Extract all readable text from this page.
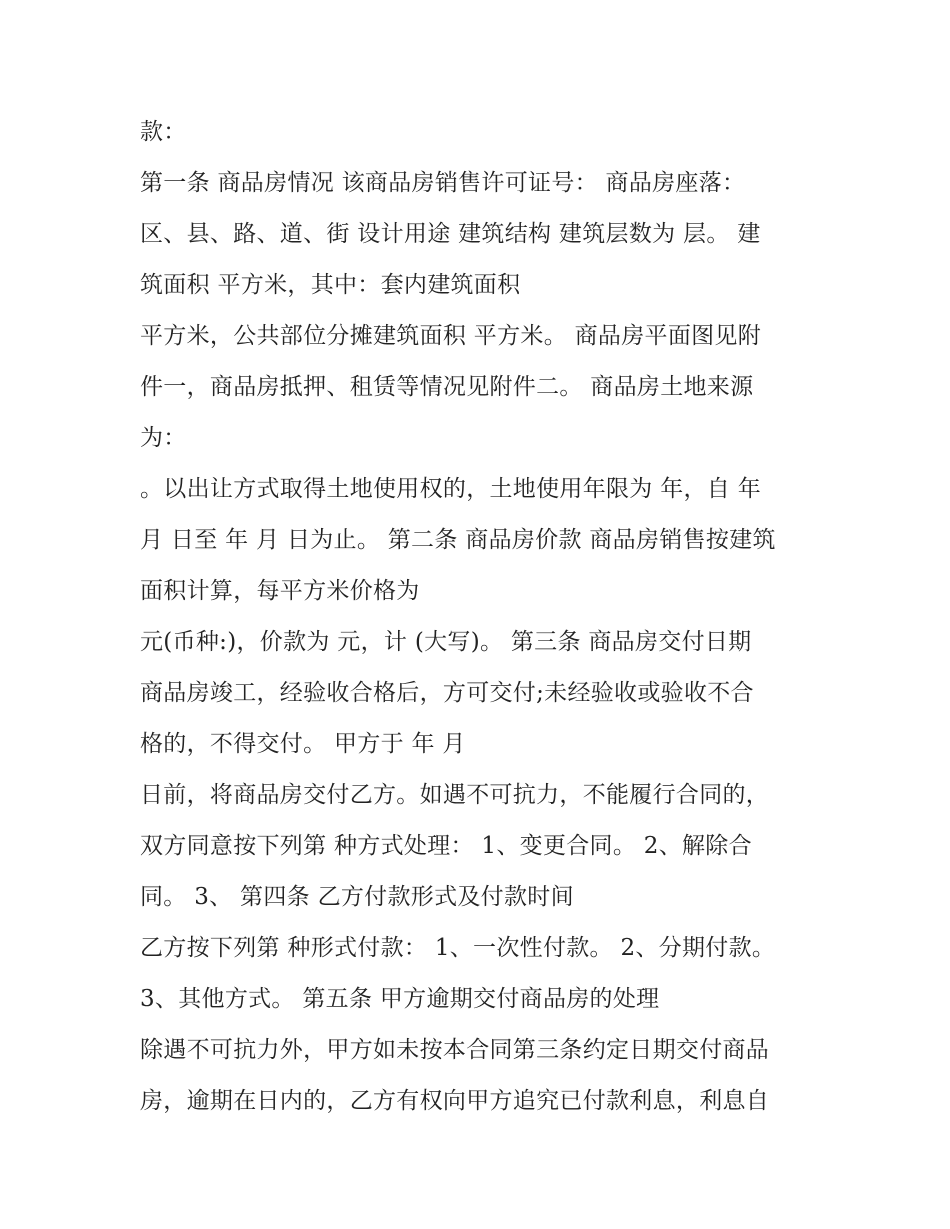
款：
第一条 商品房情况 该商品房销售许可证号： 商品房座落：
区、县、路、道、街 设计用途 建筑结构 建筑层数为 层。 建
筑面积 平方米，其中：套内建筑面积
平方米，公共部位分摊建筑面积 平方米。 商品房平面图见附
件一，商品房抵押、租赁等情况见附件二。 商品房土地来源
为：
。以出让方式取得土地使用权的，土地使用年限为 年，自 年
月 日至 年 月 日为止。 第二条 商品房价款 商品房销售按建筑
面积计算，每平方米价格为
元(币种:)，价款为 元，计 (大写)。 第三条 商品房交付日期
商品房竣工，经验收合格后，方可交付;未经验收或验收不合
格的，不得交付。 甲方于 年 月
日前，将商品房交付乙方。如遇不可抗力，不能履行合同的，
双方同意按下列第 种方式处理： 1、变更合同。 2、解除合
同。 3、 第四条 乙方付款形式及付款时间
乙方按下列第 种形式付款： 1、一次性付款。 2、分期付款。
3、其他方式。 第五条 甲方逾期交付商品房的处理
除遇不可抗力外，甲方如未按本合同第三条约定日期交付商品
房，逾期在日内的，乙方有权向甲方追究已付款利息，利息自
